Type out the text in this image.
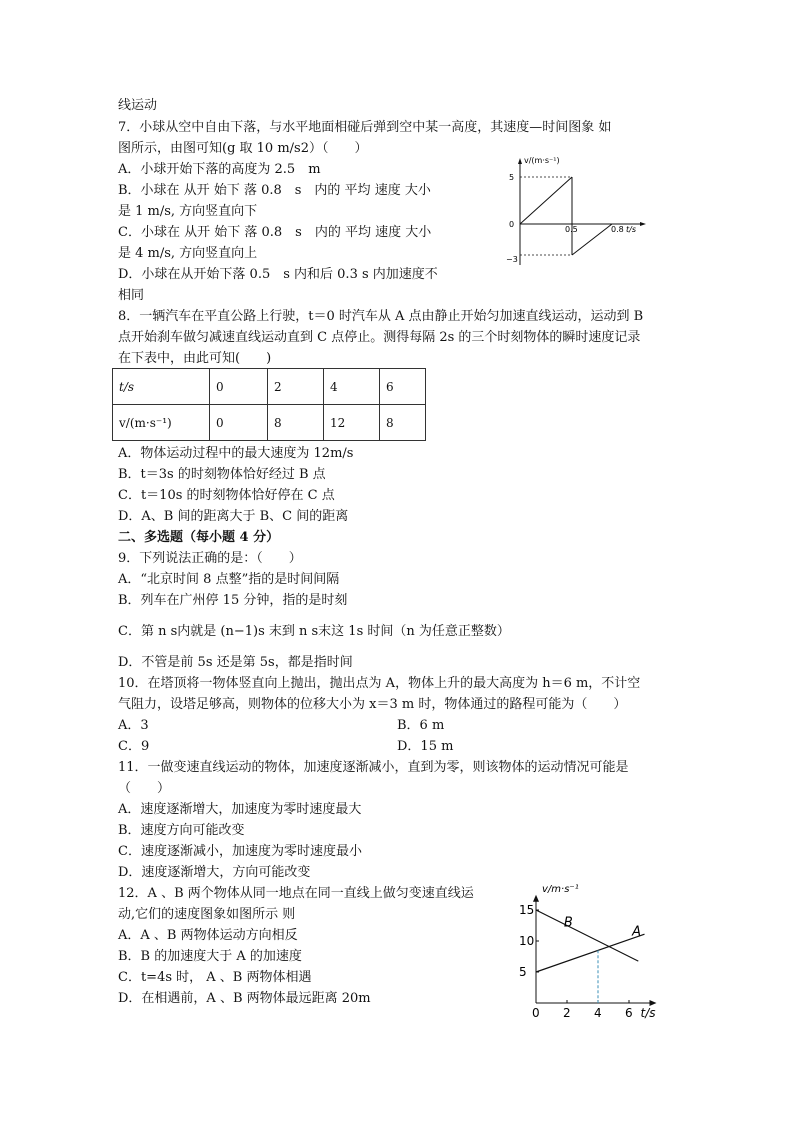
线运动
7．小球从空中自由下落，与水平地面相碰后弹到空中某一高度，其速度—时间图象 如
图所示，由图可知(g 取 10 m/s2）（　　）
A．小球开始下落的高度为 2.5　m
B．小球在 从开 始下 落 0.8　s　内的 平均 速度 大小
是 1 m/s, 方向竖直向下
C．小球在 从开 始下 落 0.8　s　内的 平均 速度 大小
是 4 m/s, 方向竖直向上
D．小球在从开始下落 0.5　s 内和后 0.3 s 内加速度不
相同
v/(m·s⁻¹)
t/s
5
0
−3
0.5	0.8
8．一辆汽车在平直公路上行驶，t＝0 时汽车从 A 点由静止开始匀加速直线运动，运动到 B
点开始刹车做匀减速直线运动直到 C 点停止。测得每隔 2s 的三个时刻物体的瞬时速度记录
在下表中，由此可知(　　)
t/s	0	2	4	6
v/(m·s⁻¹)	0	8	12	8
A．物体运动过程中的最大速度为 12m/s
B．t＝3s 的时刻物体恰好经过 B 点
C．t＝10s 的时刻物体恰好停在 C 点
D．A、B 间的距离大于 B、C 间的距离
二、多选题（每小题 4 分）
9．下列说法正确的是：（　　）
A．“北京时间 8 点整”指的是时间间隔
B．列车在广州停 15 分钟，指的是时刻
C．第 n s内就是 (n−1)s 末到 n s末这 1s 时间（n 为任意正整数）
D．不管是前 5s 还是第 5s，都是指时间
10．在塔顶将一物体竖直向上抛出，抛出点为 A，物体上升的最大高度为 h＝6 m，不计空
气阻力，设塔足够高，则物体的位移大小为 x＝3 m 时，物体通过的路程可能为（　　）
A．3	B．6 m
C．9	D．15 m
11．一做变速直线运动的物体，加速度逐渐减小，直到为零，则该物体的运动情况可能是
（　　）
A．速度逐渐增大，加速度为零时速度最大
B．速度方向可能改变
C．速度逐渐减小，加速度为零时速度最小
D．速度逐渐增大，方向可能改变
12．A 、B 两个物体从同一地点在同一直线上做匀变速直线运
动,它们的速度图象如图所示 则
A．A 、B 两物体运动方向相反
B．B 的加速度大于 A 的加速度
C．t=4s 时， A 、B 两物体相遇
D．在相遇前，A 、B 两物体最远距离 20m
0 2 4 6
5
10
15
v/m·s⁻¹
t/s
B
A
